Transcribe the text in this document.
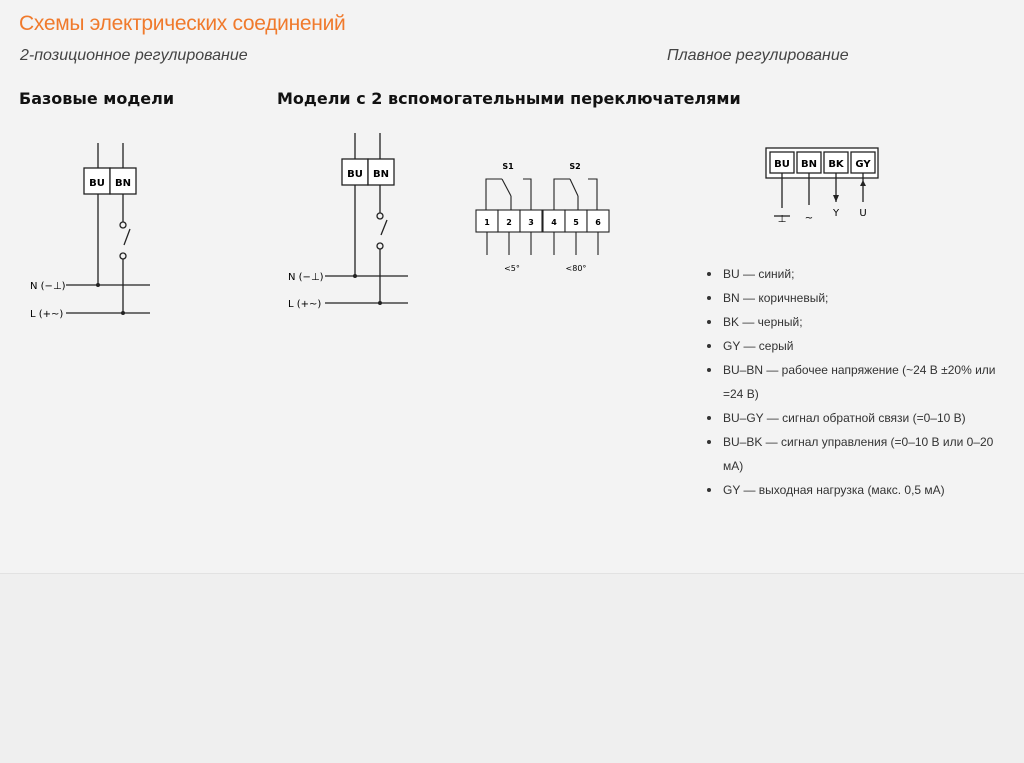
Схемы электрических соединений
2-позиционное регулирование	Плавное регулирование
Базовые модели	Модели с 2 вспомогательными переключателями
BU BN
N (−⊥)
L (+~)
BU BN
N (−⊥)
L (+~)
S1	S2
1 2 3 4 5 6
<5°	<80°
BU BN BK GY
⊥ ~ Y U
BU — синий;
BN — коричневый;
BK — черный;
GY — серый
BU–BN — рабочее напряжение (~24 В ±20% или =24 В)
BU–GY — сигнал обратной связи (=0–10 В)
BU–BK — сигнал управления (=0–10 В или 0–20 мА)
GY — выходная нагрузка (макс. 0,5 мА)
